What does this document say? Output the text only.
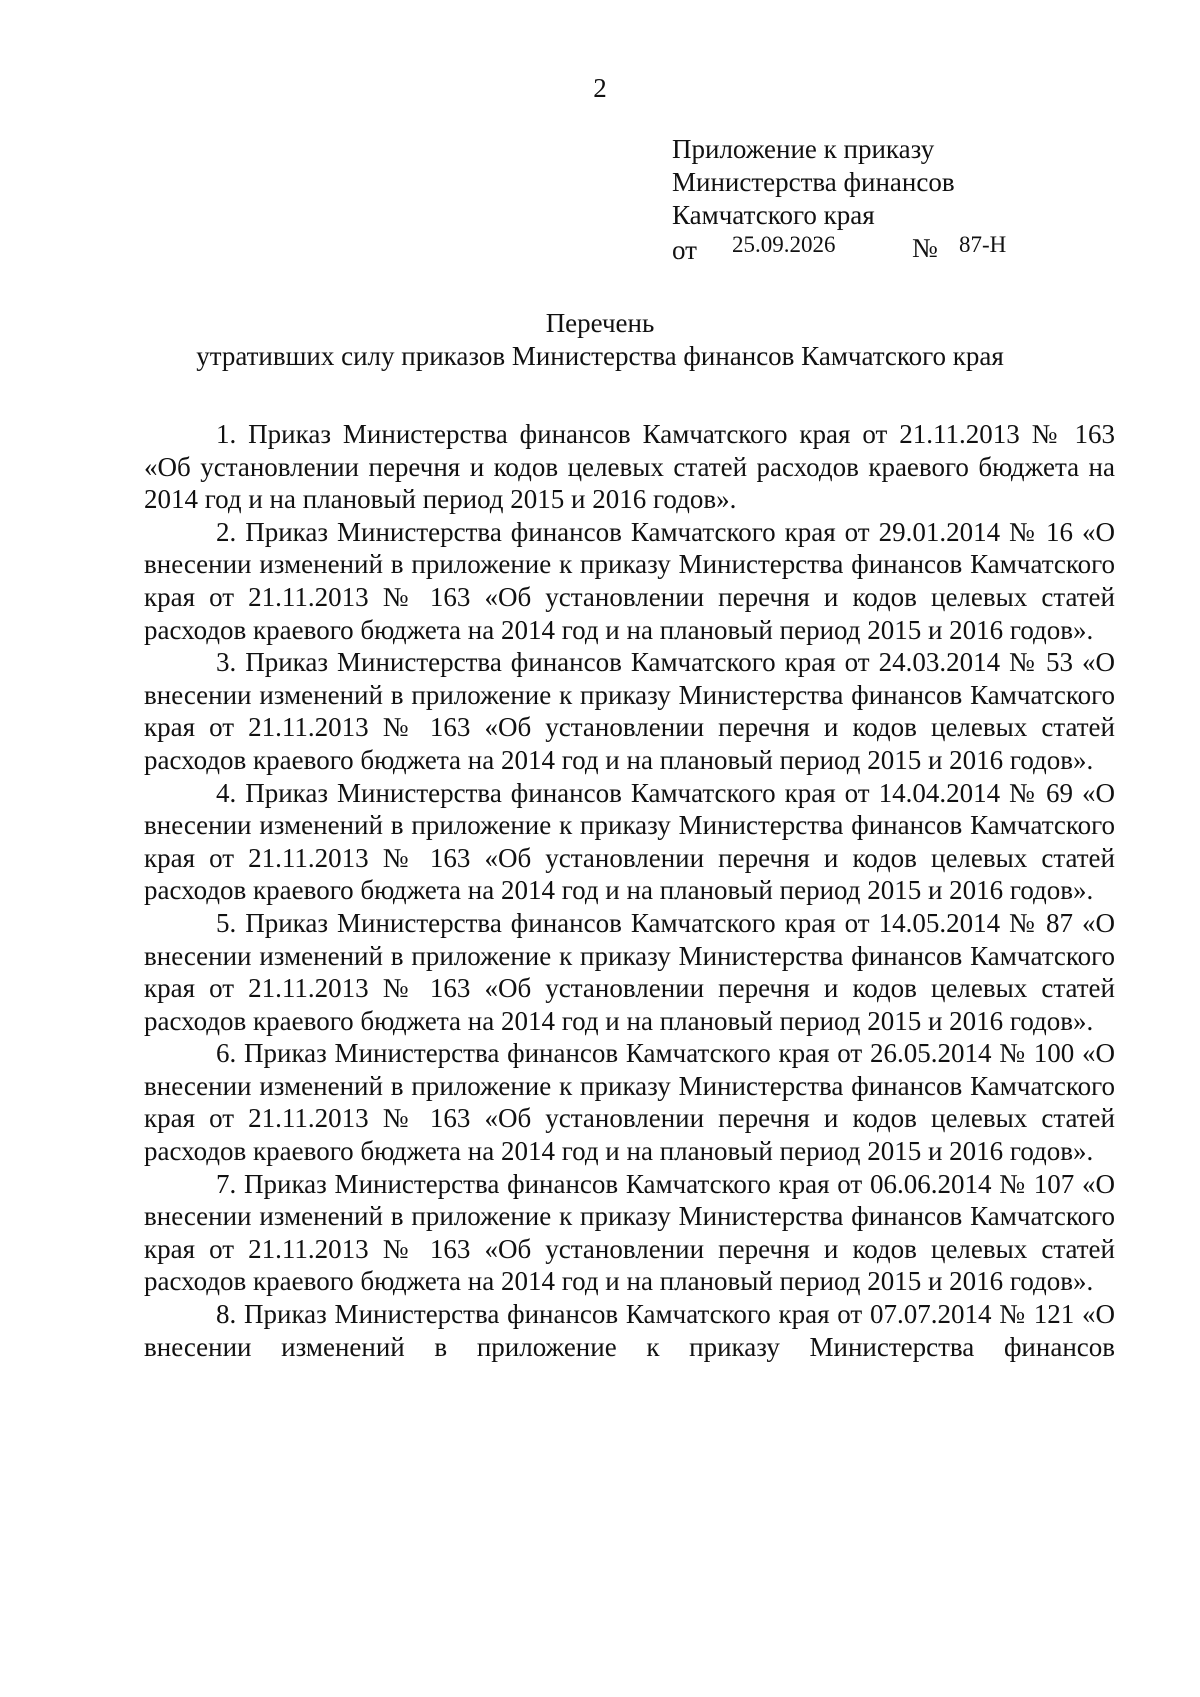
2
Приложение к приказу
Министерства финансов
Камчатского края
от 25.09.2026	№ 87-Н
Перечень
утративших силу приказов Министерства финансов Камчатского края

1. Приказ Министерства финансов Камчатского края от 21.11.2013 № 163 «Об установлении перечня и кодов целевых статей расходов краевого бюджета на 2014 год и на плановый период 2015 и 2016 годов».

2. Приказ Министерства финансов Камчатского края от 29.01.2014 № 16 «О внесении изменений в приложение к приказу Министерства финансов Камчатского края от 21.11.2013 № 163 «Об установлении перечня и кодов целевых статей расходов краевого бюджета на 2014 год и на плановый период 2015 и 2016 годов».

3. Приказ Министерства финансов Камчатского края от 24.03.2014 № 53 «О внесении изменений в приложение к приказу Министерства финансов Камчатского края от 21.11.2013 № 163 «Об установлении перечня и кодов целевых статей расходов краевого бюджета на 2014 год и на плановый период 2015 и 2016 годов».

4. Приказ Министерства финансов Камчатского края от 14.04.2014 № 69 «О внесении изменений в приложение к приказу Министерства финансов Камчатского края от 21.11.2013 № 163 «Об установлении перечня и кодов целевых статей расходов краевого бюджета на 2014 год и на плановый период 2015 и 2016 годов».

5. Приказ Министерства финансов Камчатского края от 14.05.2014 № 87 «О внесении изменений в приложение к приказу Министерства финансов Камчатского края от 21.11.2013 № 163 «Об установлении перечня и кодов целевых статей расходов краевого бюджета на 2014 год и на плановый период 2015 и 2016 годов».

6. Приказ Министерства финансов Камчатского края от 26.05.2014 № 100 «О внесении изменений в приложение к приказу Министерства финансов Камчатского края от 21.11.2013 № 163 «Об установлении перечня и кодов целевых статей расходов краевого бюджета на 2014 год и на плановый период 2015 и 2016 годов».

7. Приказ Министерства финансов Камчатского края от 06.06.2014 № 107 «О внесении изменений в приложение к приказу Министерства финансов Камчатского края от 21.11.2013 № 163 «Об установлении перечня и кодов целевых статей расходов краевого бюджета на 2014 год и на плановый период 2015 и 2016 годов».

8. Приказ Министерства финансов Камчатского края от 07.07.2014 № 121 «О внесении изменений в приложение к приказу Министерства финансов
